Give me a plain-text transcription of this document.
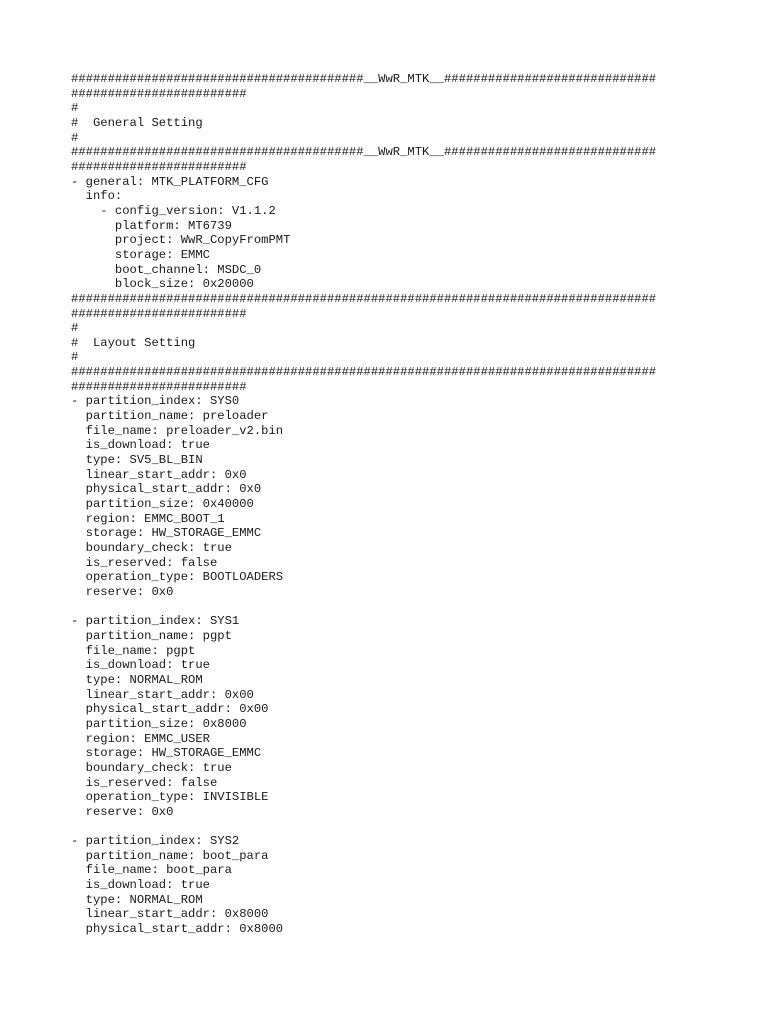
########################################__WwR_MTK__#############################
########################
#
#  General Setting
#
########################################__WwR_MTK__#############################
########################
- general: MTK_PLATFORM_CFG
info:
- config_version: V1.1.2
platform: MT6739
project: WwR_CopyFromPMT
storage: EMMC
boot_channel: MSDC_0
block_size: 0x20000
################################################################################
########################
#
#  Layout Setting
#
################################################################################
########################
- partition_index: SYS0
partition_name: preloader
file_name: preloader_v2.bin
is_download: true
type: SV5_BL_BIN
linear_start_addr: 0x0
physical_start_addr: 0x0
partition_size: 0x40000
region: EMMC_BOOT_1
storage: HW_STORAGE_EMMC
boundary_check: true
is_reserved: false
operation_type: BOOTLOADERS
reserve: 0x0
- partition_index: SYS1
partition_name: pgpt
file_name: pgpt
is_download: true
type: NORMAL_ROM
linear_start_addr: 0x00
physical_start_addr: 0x00
partition_size: 0x8000
region: EMMC_USER
storage: HW_STORAGE_EMMC
boundary_check: true
is_reserved: false
operation_type: INVISIBLE
reserve: 0x0
- partition_index: SYS2
partition_name: boot_para
file_name: boot_para
is_download: true
type: NORMAL_ROM
linear_start_addr: 0x8000
physical_start_addr: 0x8000
